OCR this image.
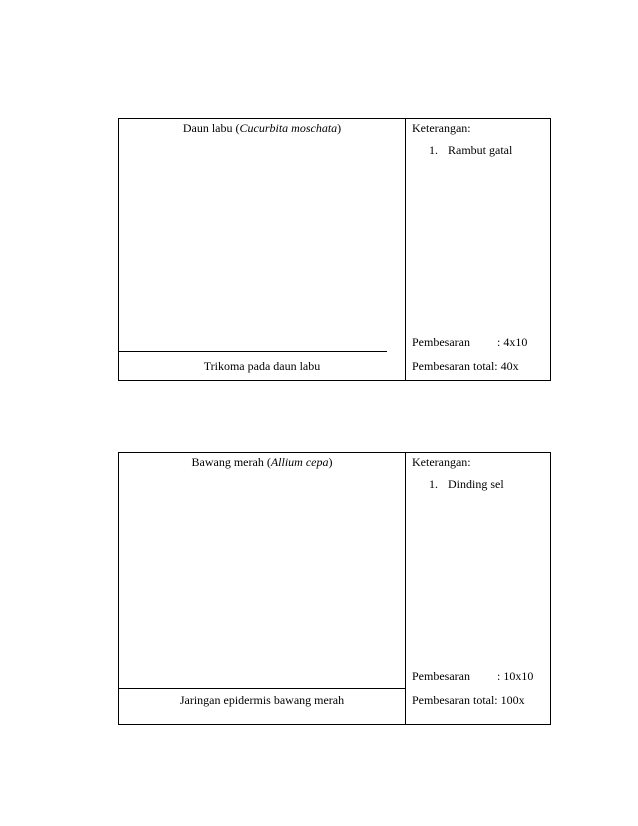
Daun labu (Cucurbita moschata)
Trikoma pada daun labu
Keterangan:
1. Rambut gatal
Pembesaran : 4x10
Pembesaran total: 40x
Bawang merah (Allium cepa)
Jaringan epidermis bawang merah
Keterangan:
1. Dinding sel
Pembesaran : 10x10
Pembesaran total: 100x
